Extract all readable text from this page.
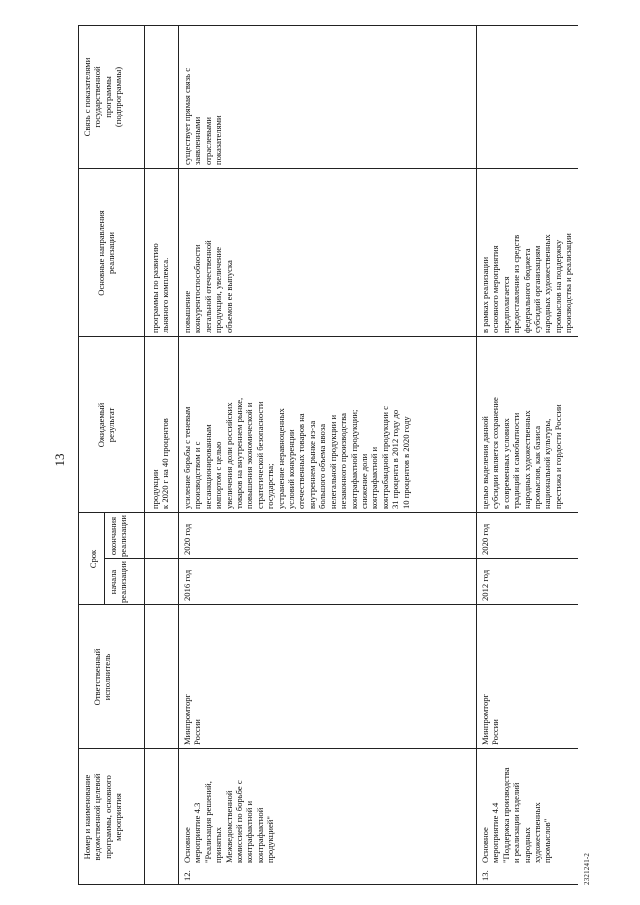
13
2321241-2
Номер и наименование
ведомственной целевой
программы, основного
мероприятия
Ответственный
исполнитель
Срок
начала
реализации
окончания
реализации
Ожидаемый
результат
Основные направления
реализации
Связь с показателями
государственной
программы
(подпрограммы)
продукции
к 2020 г на 40 процентов
программы по развитию
льняного комплекса.
12.
Основное
мероприятие 4.3
"Реализация решений,
принятых
Межведомственной
комиссией по борьбе с
контрафактной и
контрафактной
продукцией"
Минпромторг
России
2016 год
2020 год
усиление борьбы с теневым
производством и с
несанкционированным
импортом с целью
увеличения доли российских
товаров на внутреннем рынке,
повышения экономической и
стратегической безопасности
государства;
устранение неравноценных
условий конкуренции
отечественных товаров на
внутреннем рынке из-за
большого объема ввоза
нелегальной продукции и
незаконного производства
контрафактной продукции;
снижение доли
контрафактной и
контрабандной продукции с
31 процента в 2012 году до
10 процентов в 2020 году
повышение
конкурентоспособности
легальной отечественной
продукции, увеличение
объемов ее выпуска
существует прямая связь с
заявленными
отраслевыми
показателями
13.
Основное
мероприятие 4.4
"Поддержка производства
и реализации изделий
народных
художественных
промыслов"
Минпромторг
России
2012 год
2020 год
целью выделения данной
субсидии является сохранение
в современных условиях
традиций и самобытности
народных художественных
промыслов, как базиса
национальной культуры,
престижа и гордости России
в рамках реализации
основного мероприятия
предполагается
предоставление из средств
федерального бюджета
субсидий организациям
народных художественных
промыслов на поддержку
производства и реализации
